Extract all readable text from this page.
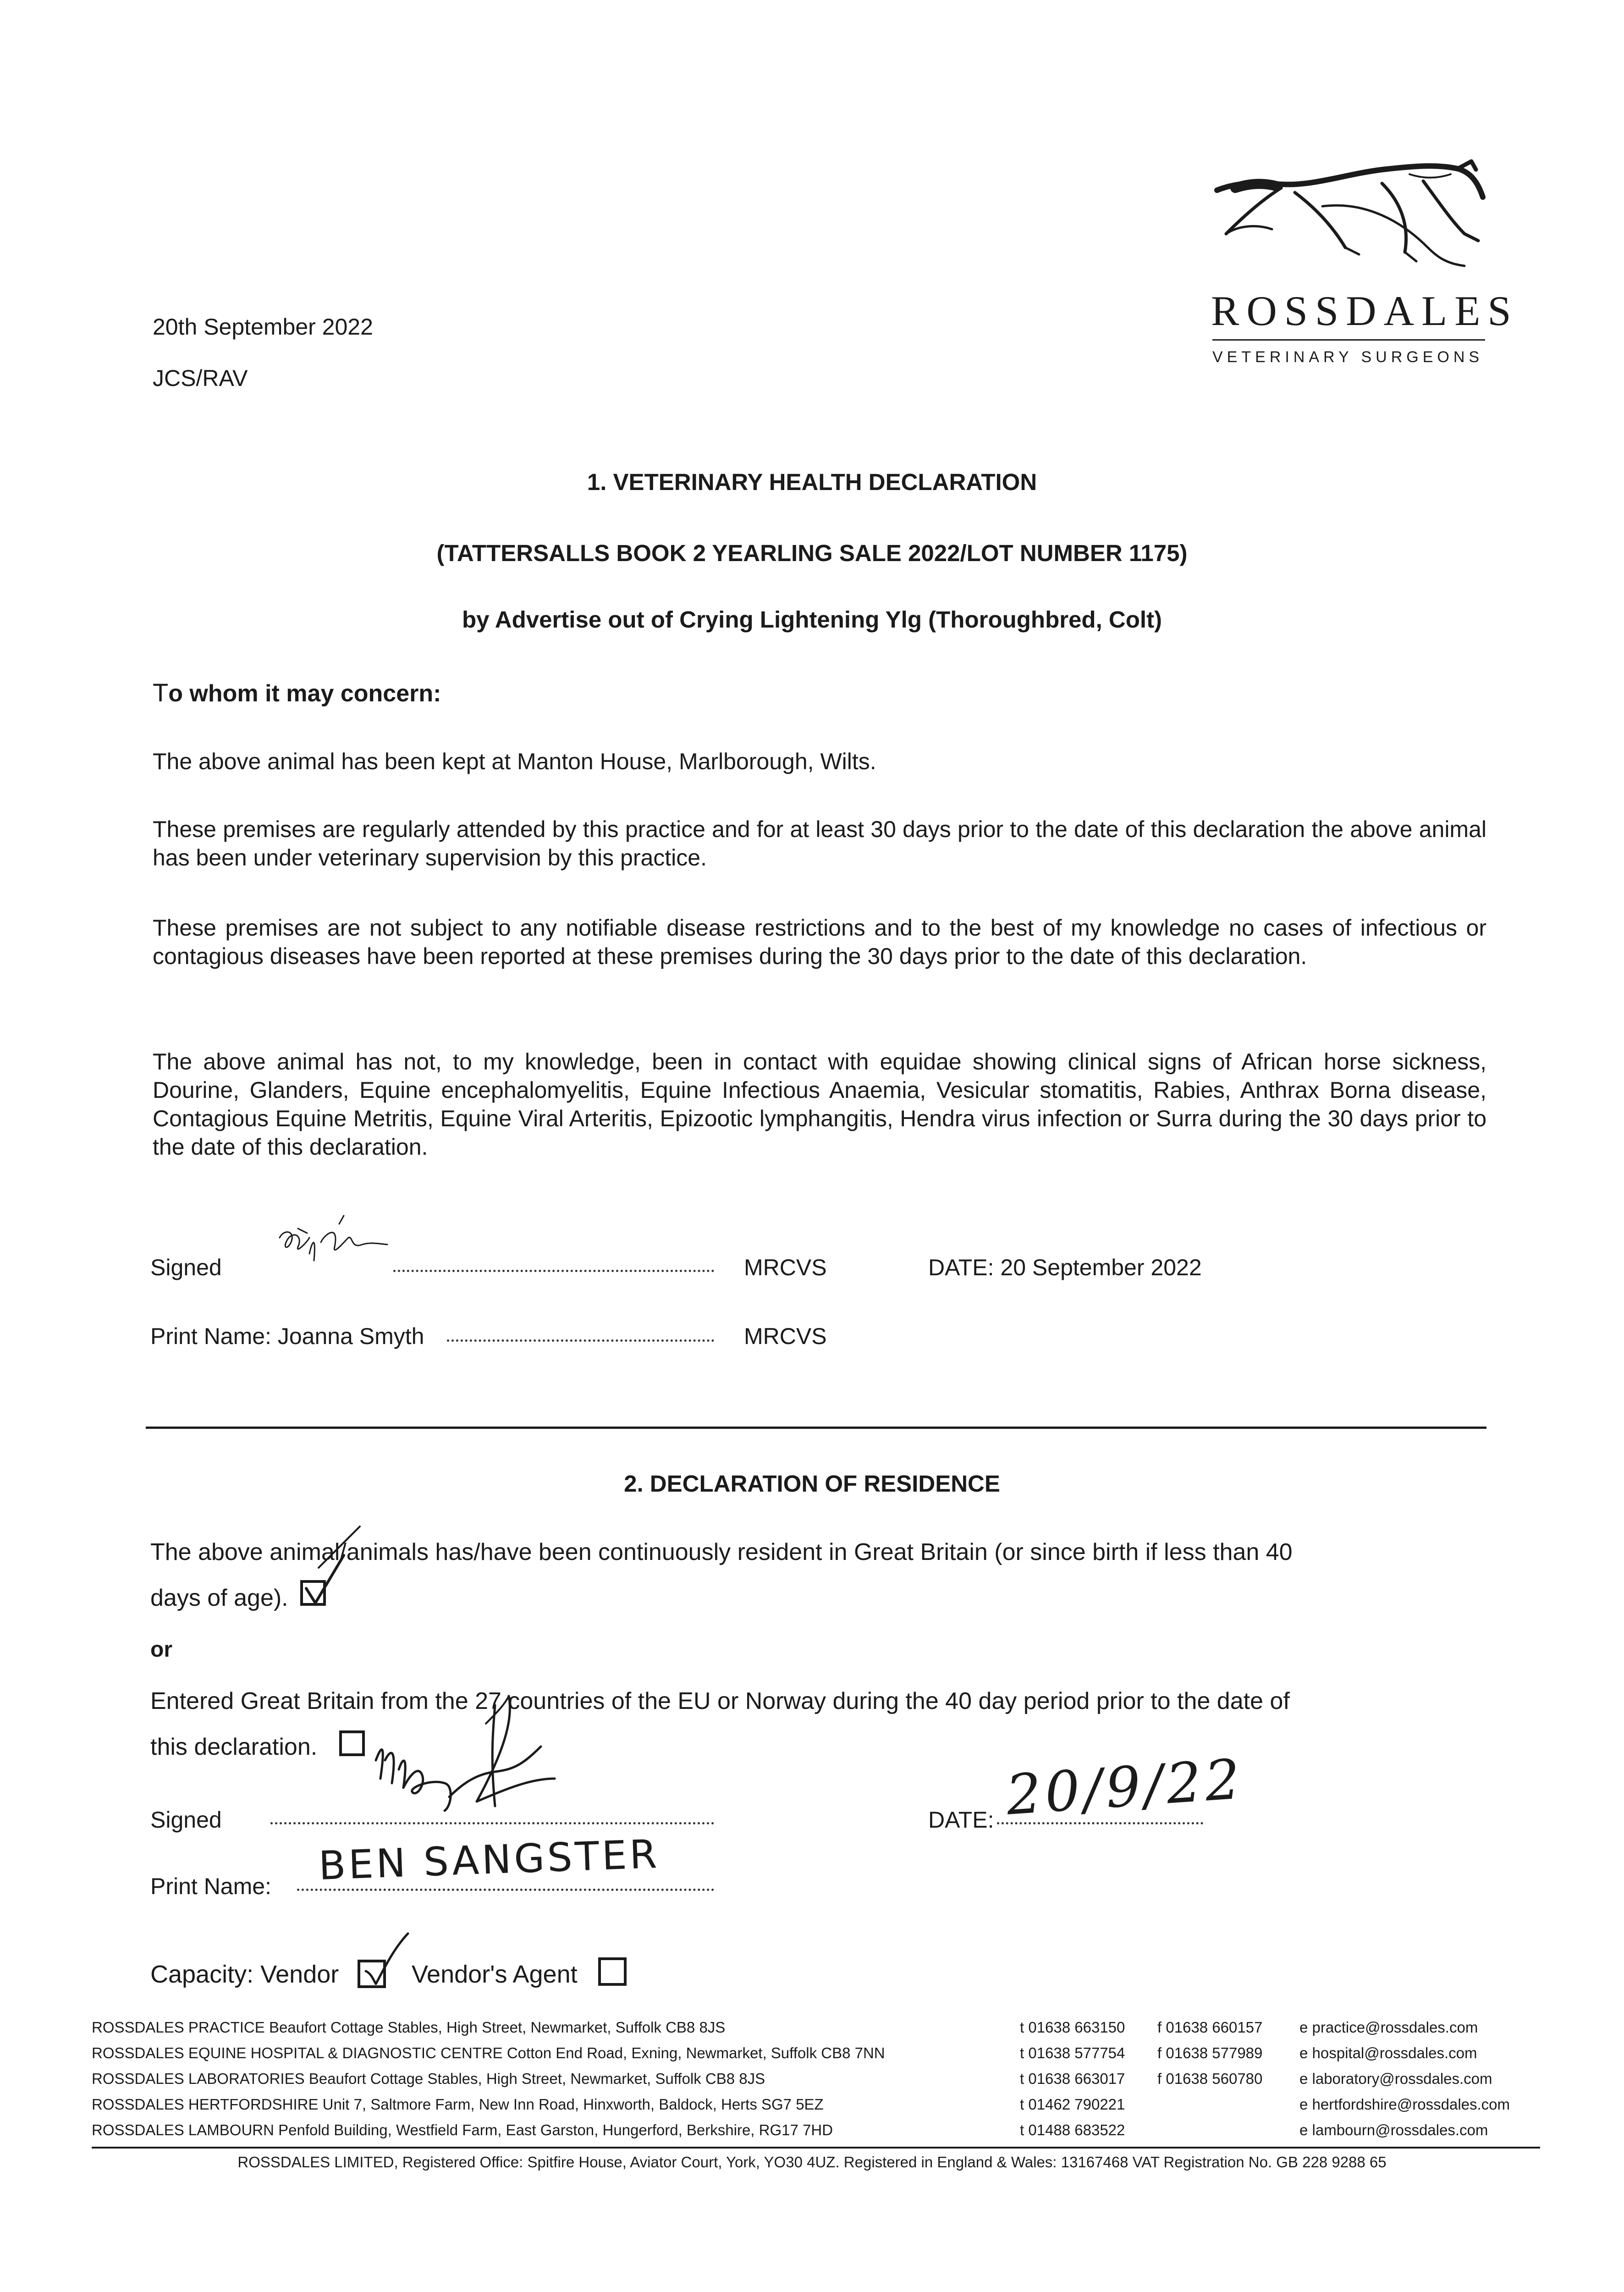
ROSSDALES
VETERINARY SURGEONS
20th September 2022
JCS/RAV
1. VETERINARY HEALTH DECLARATION
(TATTERSALLS BOOK 2 YEARLING SALE 2022/LOT NUMBER 1175)
by Advertise out of Crying Lightening Ylg (Thoroughbred, Colt)
To whom it may concern:
The above animal has been kept at Manton House, Marlborough, Wilts.
These premises are regularly attended by this practice and for at least 30 days prior to the date of this declaration the above animal has been under veterinary supervision by this practice.
These premises are not subject to any notifiable disease restrictions and to the best of my knowledge no cases of infectious or contagious diseases have been reported at these premises during the 30 days prior to the date of this declaration.
The above animal has not, to my knowledge, been in contact with equidae showing clinical signs of African horse sickness, Dourine, Glanders, Equine encephalomyelitis, Equine Infectious Anaemia, Vesicular stomatitis, Rabies, Anthrax Borna disease, Contagious Equine Metritis, Equine Viral Arteritis, Epizootic lymphangitis, Hendra virus infection or Surra during the 30 days prior to the date of this declaration.
Signed	MRCVS	DATE: 20 September 2022
Print Name: Joanna Smyth	MRCVS
2. DECLARATION OF RESIDENCE
The above animal/animals has/have been continuously resident in Great Britain (or since birth if less than 40
days of age).
or
Entered Great Britain from the 27 countries of the EU or Norway during the 40 day period prior to the date of
this declaration.
Signed	DATE: 20/9/22
Print Name: BEN SANGSTER
Capacity: Vendor	Vendor's Agent
ROSSDALES PRACTICE Beaufort Cottage Stables, High Street, Newmarket, Suffolk CB8 8JS	t 01638 663150 f 01638 660157 e practice@rossdales.com
ROSSDALES EQUINE HOSPITAL & DIAGNOSTIC CENTRE Cotton End Road, Exning, Newmarket, Suffolk CB8 7NN	t 01638 577754 f 01638 577989 e hospital@rossdales.com
ROSSDALES LABORATORIES Beaufort Cottage Stables, High Street, Newmarket, Suffolk CB8 8JS	t 01638 663017 f 01638 560780 e laboratory@rossdales.com
ROSSDALES HERTFORDSHIRE Unit 7, Saltmore Farm, New Inn Road, Hinxworth, Baldock, Herts SG7 5EZ	t 01462 790221	e hertfordshire@rossdales.com
ROSSDALES LAMBOURN Penfold Building, Westfield Farm, East Garston, Hungerford, Berkshire, RG17 7HD	t 01488 683522	e lambourn@rossdales.com
ROSSDALES LIMITED, Registered Office: Spitfire House, Aviator Court, York, YO30 4UZ. Registered in England & Wales: 13167468 VAT Registration No. GB 228 9288 65
